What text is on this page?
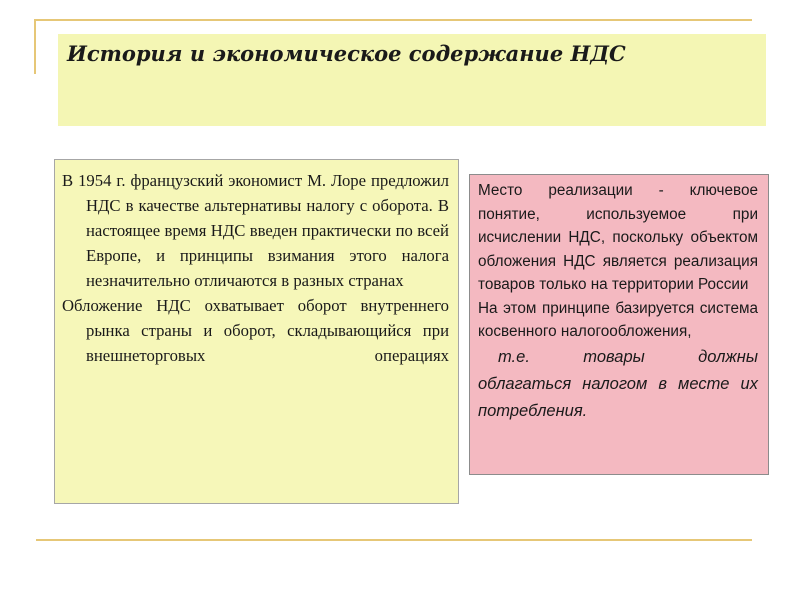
История и экономическое содержание НДС

В 1954 г. французский экономист М. Лоре предложил НДС в качестве альтернативы налогу с оборота. В настоящее время НДС введен практически по всей Европе, и принципы взимания этого налога незначительно отличаются в разных странах

Обложение НДС охватывает оборот внутреннего рынка страны и оборот, складывающийся при внешнеторговых операциях

Место реализации - ключевое понятие, используемое при исчислении НДС, поскольку объектом обложения НДС является реализация товаров только на территории России

На этом принципе базируется система косвенного налогообложения,

т.е. товары должны облагаться налогом в месте их потребления.
